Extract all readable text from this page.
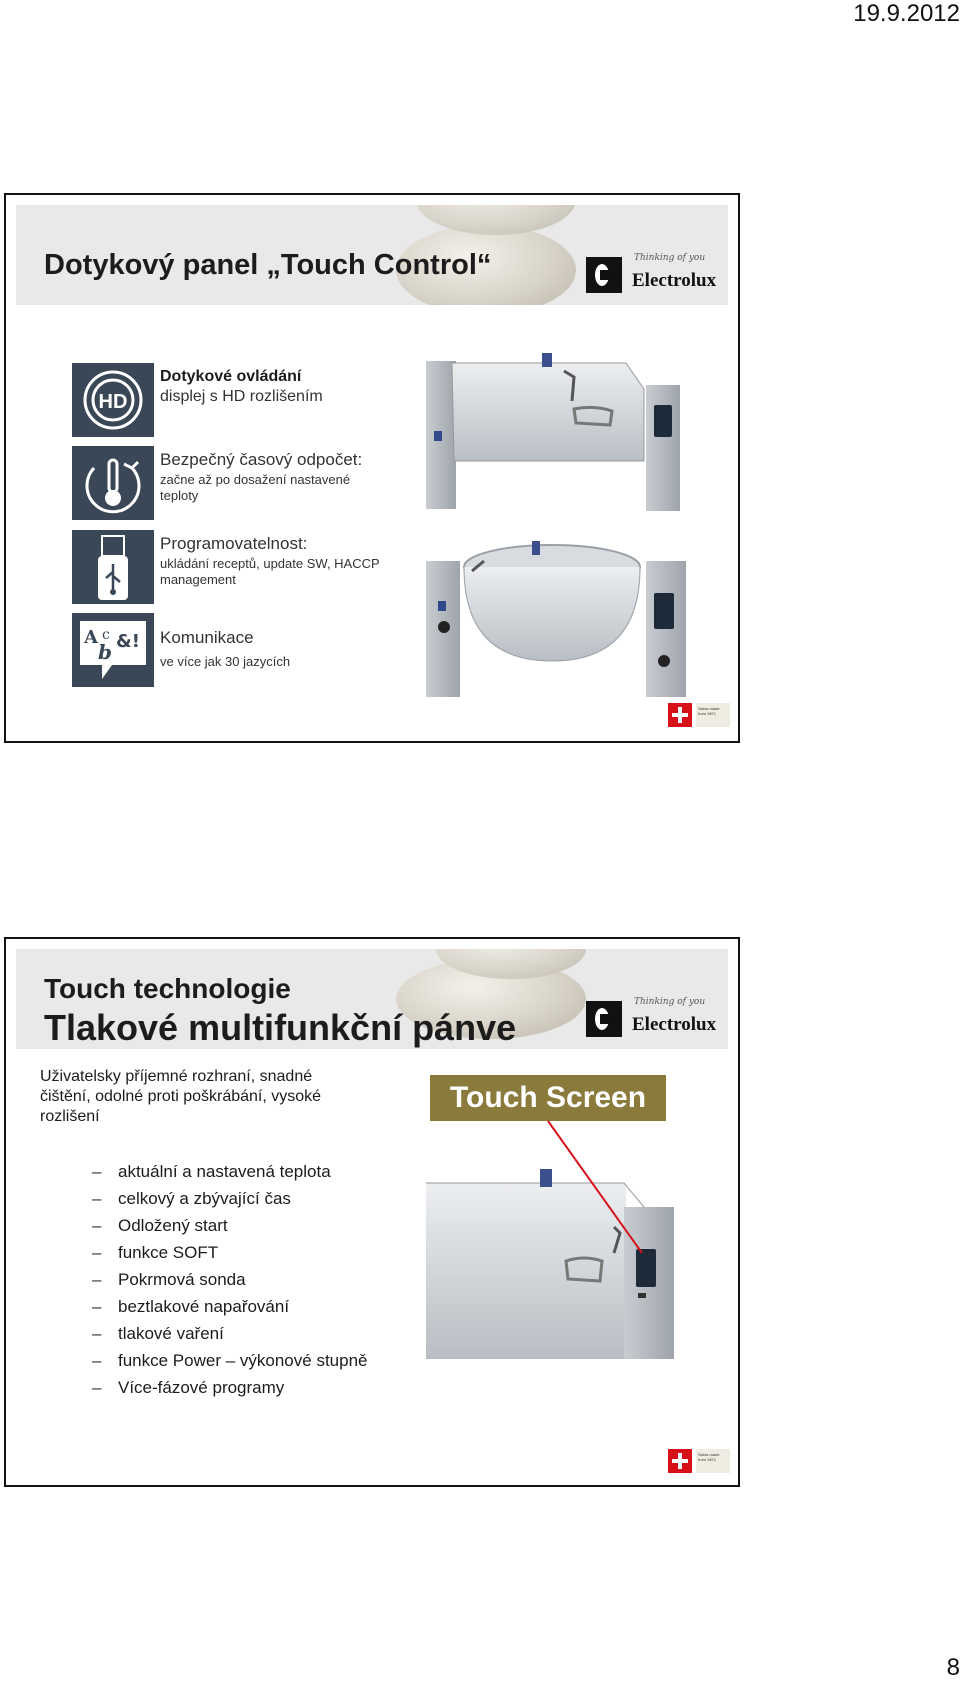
19.9.2012
Dotykový panel „Touch Control“	Thinking of you
Electrolux
HD
Dotykové ovládání
displej s HD rozlišením
Bezpečný časový odpočet:
začne až po dosažení nastavené teploty
Programovatelnost:
ukládání receptů, update SW, HACCP management
A c
b &! Komunikace
ve více jak 30 jazycích
Swiss made from 1871
Touch technologie
Tlakové multifunkční pánve
Thinking of you
Electrolux
Uživatelsky příjemné rozhraní, snadné čištění, odolné proti poškrábání, vysoké rozlišení
Touch Screen
– aktuální a nastavená teplota
– celkový a zbývající čas
– Odložený start
– funkce SOFT
– Pokrmová sonda
– beztlakové napařování
– tlakové vaření
– funkce Power – výkonové stupně
– Více-fázové programy
Swiss made from 1871
8
